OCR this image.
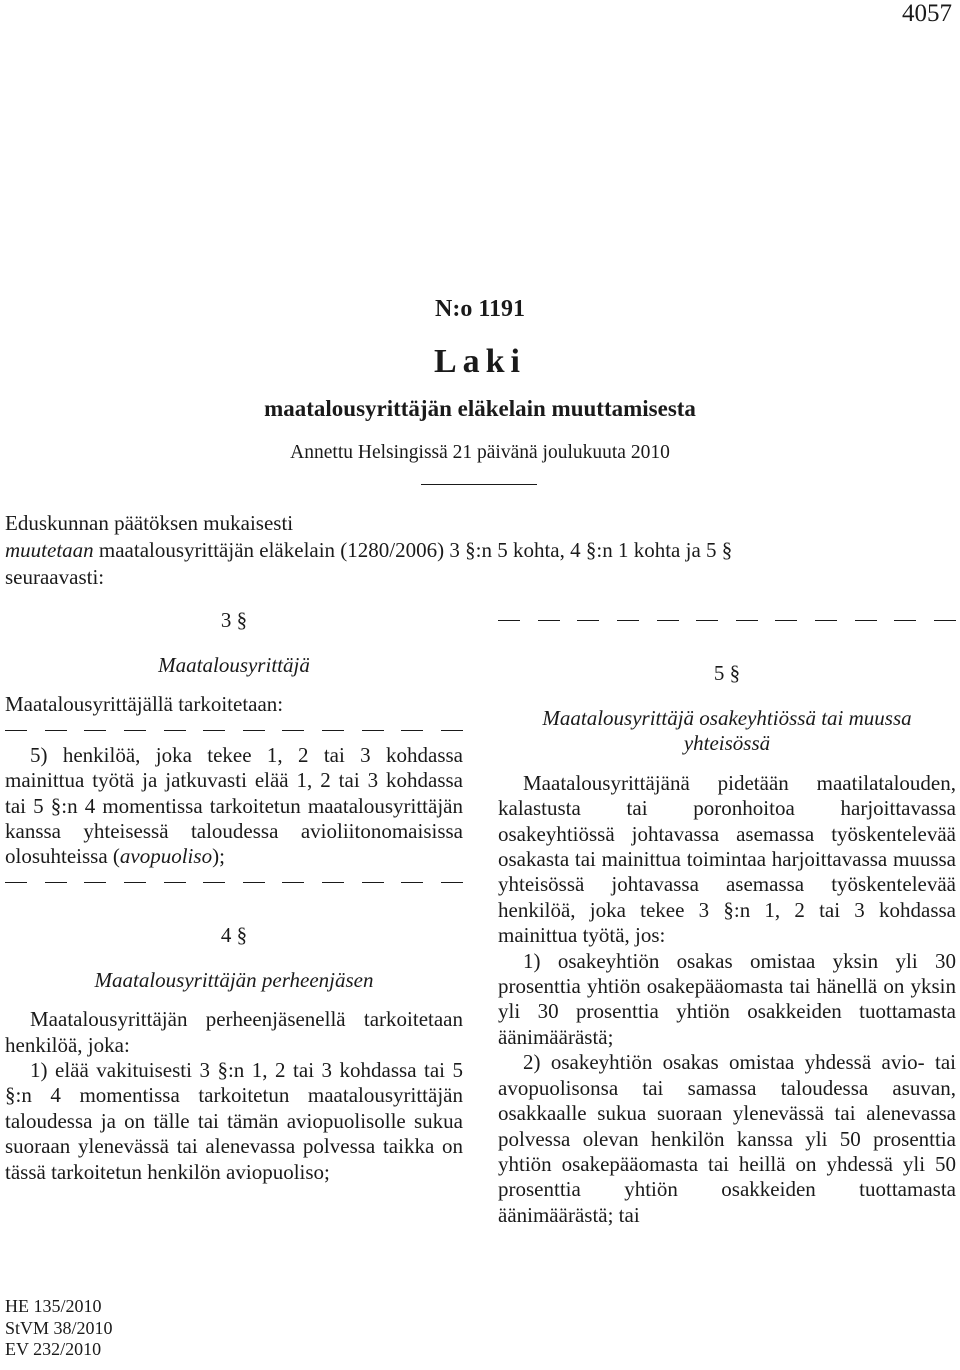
4057
N:o 1191
Laki
maatalousyrittäjän eläkelain muuttamisesta
Annettu Helsingissä 21 päivänä joulukuuta 2010
Eduskunnan päätöksen mukaisesti
muutetaan maatalousyrittäjän eläkelain (1280/2006) 3 §:n 5 kohta, 4 §:n 1 kohta ja 5 §
seuraavasti:
3 §
Maatalousyrittäjä
Maatalousyrittäjällä tarkoitetaan:
5) henkilöä, joka tekee 1, 2 tai 3 kohdassa mainittua työtä ja jatkuvasti elää 1, 2 tai 3 kohdassa tai 5 §:n 4 momentissa tarkoitetun maatalousyrittäjän kanssa yhteisessä taloudessa avioliitonomaisissa olosuhteissa (avopuoliso);
4 §
Maatalousyrittäjän perheenjäsen
Maatalousyrittäjän perheenjäsenellä tarkoitetaan henkilöä, joka:
1) elää vakituisesti 3 §:n 1, 2 tai 3 kohdassa tai 5 §:n 4 momentissa tarkoitetun maatalousyrittäjän taloudessa ja on tälle tai tämän aviopuolisolle sukua suoraan ylenevässä tai alenevassa polvessa taikka on tässä tarkoitetun henkilön aviopuoliso;
5 §
Maatalousyrittäjä osakeyhtiössä tai muussa yhteisössä
Maatalousyrittäjänä pidetään maatilatalouden, kalastusta tai poronhoitoa harjoittavassa osakeyhtiössä johtavassa asemassa työskentelevää osakasta tai mainittua toimintaa harjoittavassa muussa yhteisössä johtavassa asemassa työskentelevää henkilöä, joka tekee 3 §:n 1, 2 tai 3 kohdassa mainittua työtä, jos:
1) osakeyhtiön osakas omistaa yksin yli 30 prosenttia yhtiön osakepääomasta tai hänellä on yksin yli 30 prosenttia yhtiön osakkeiden tuottamasta äänimäärästä;
2) osakeyhtiön osakas omistaa yhdessä avio- tai avopuolisonsa tai samassa taloudessa asuvan, osakkaalle sukua suoraan ylenevässä tai alenevassa polvessa olevan henkilön kanssa yli 50 prosenttia yhtiön osakepääomasta tai heillä on yhdessä yli 50 prosenttia yhtiön osakkeiden tuottamasta äänimäärästä; tai
HE 135/2010
StVM 38/2010
EV 232/2010
